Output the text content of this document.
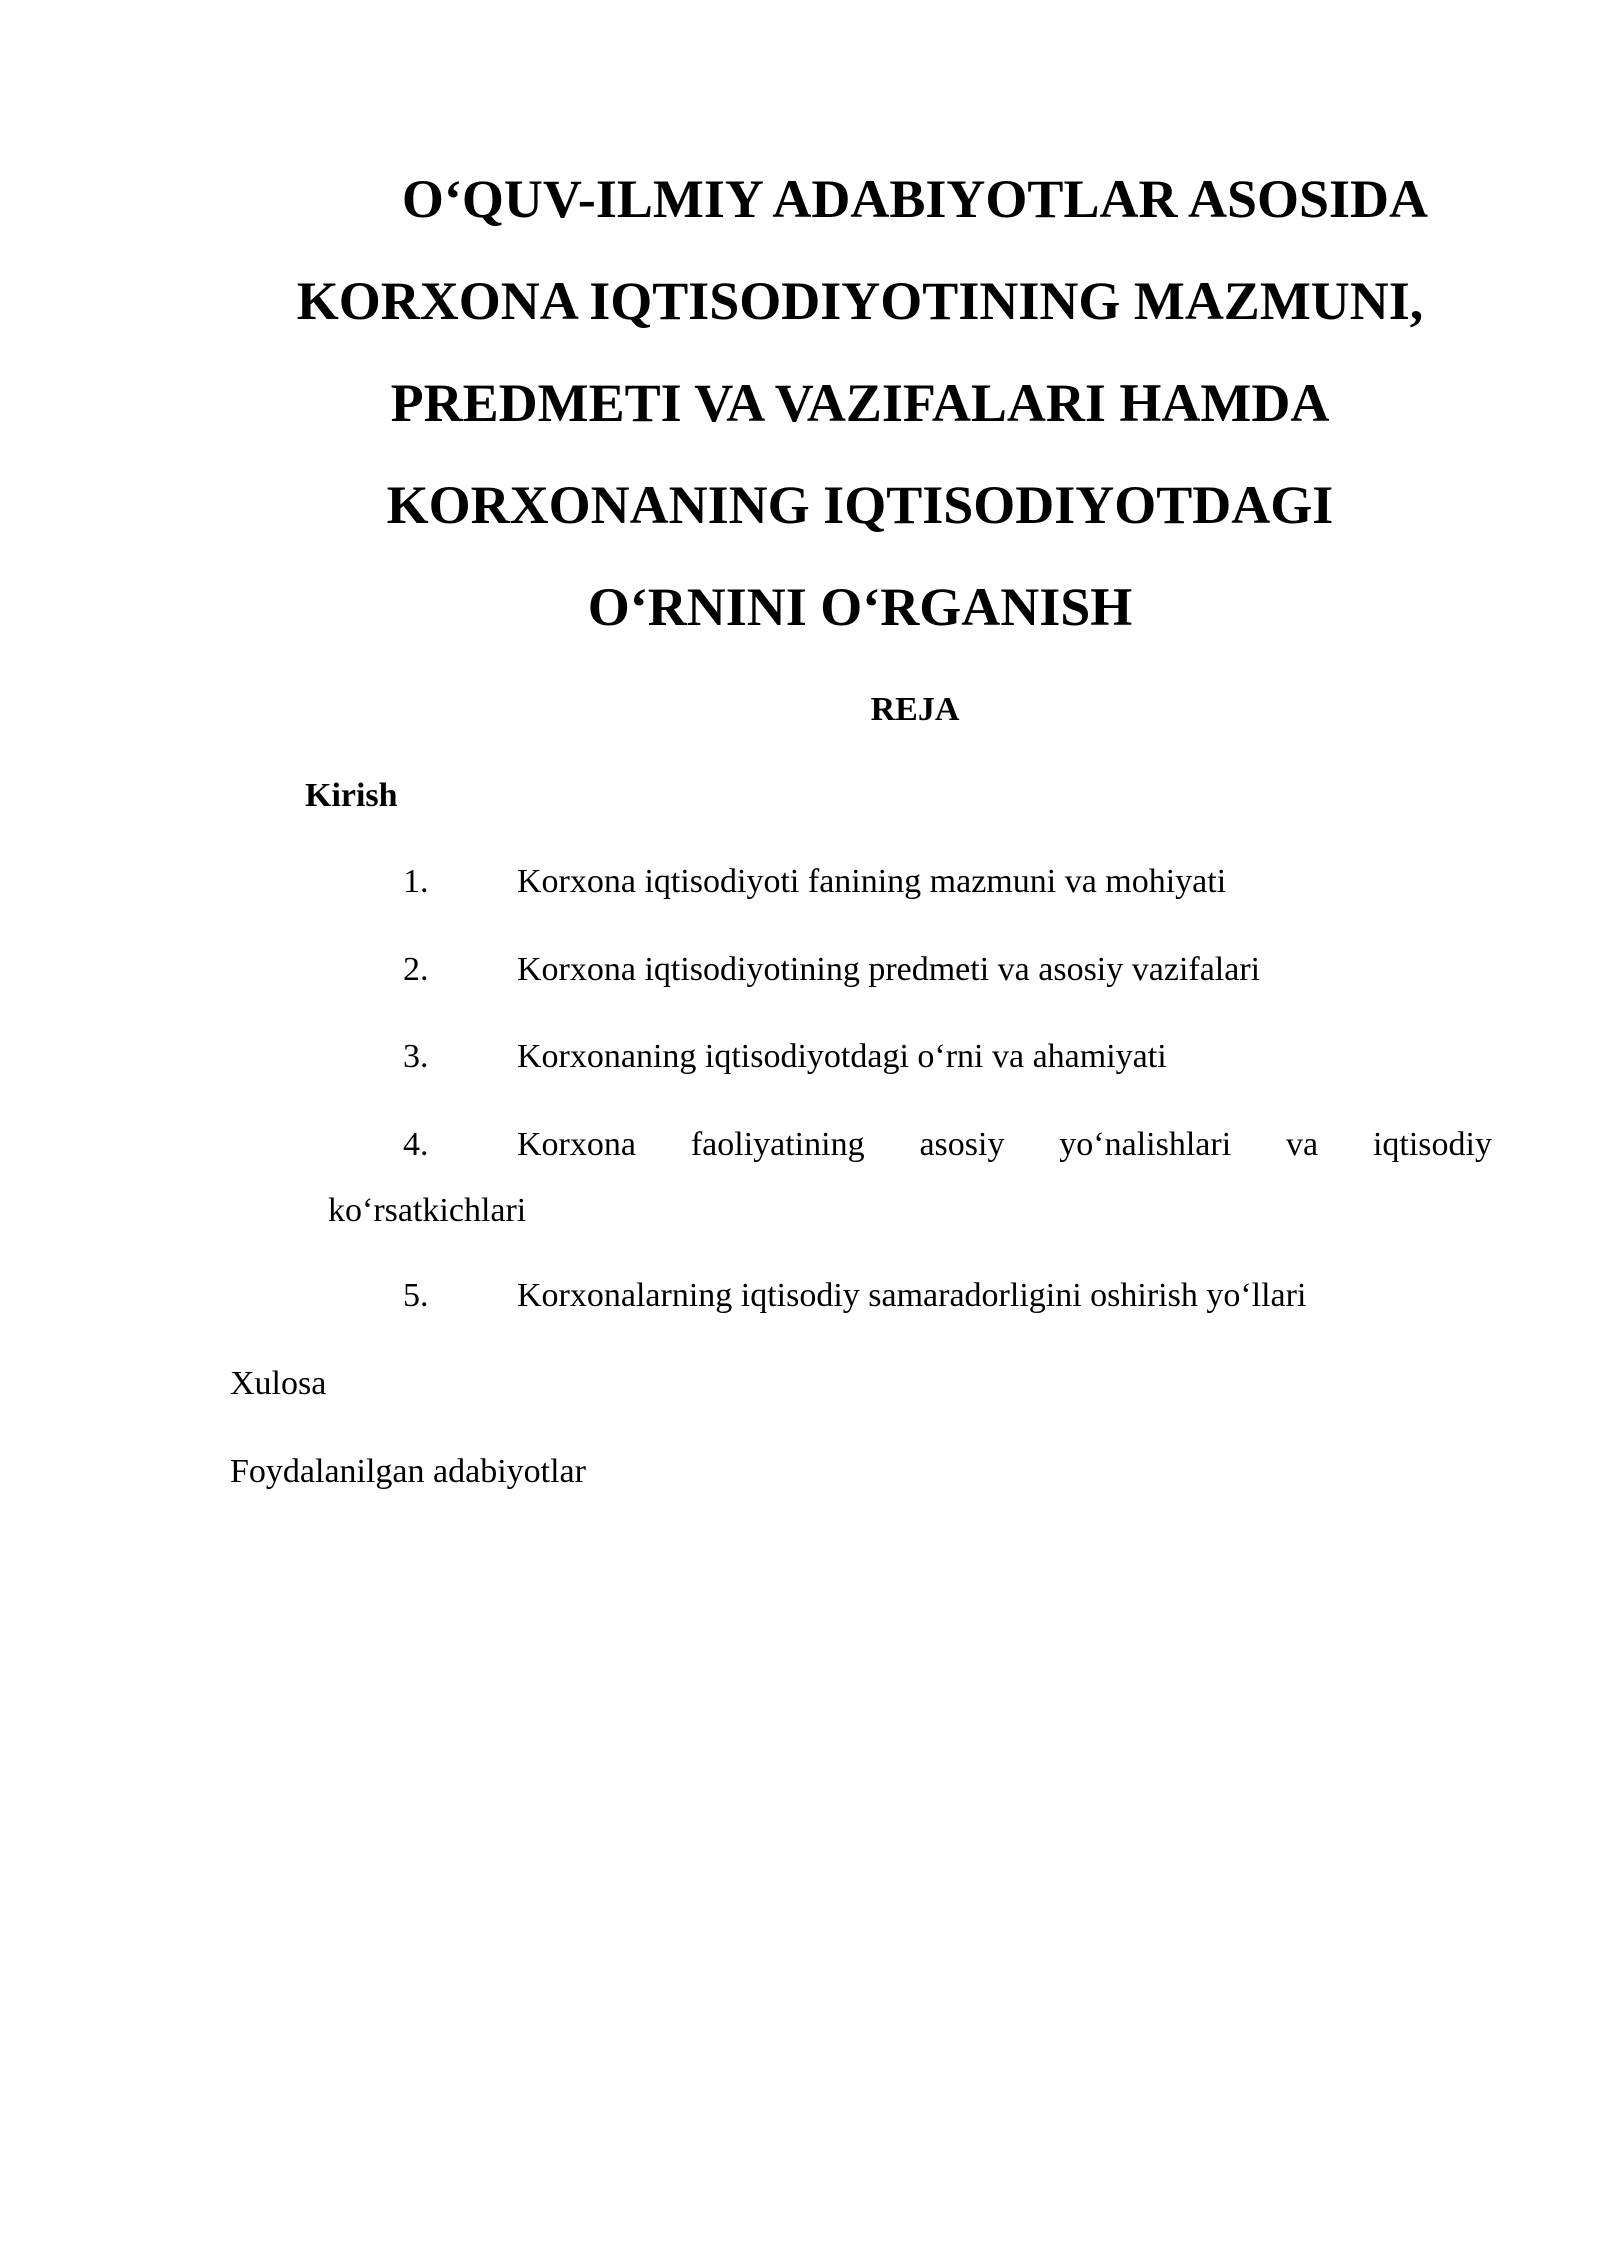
O‘QUV-ILMIY ADABIYOTLAR ASOSIDA
KORXONA IQTISODIYOTINING MAZMUNI,
PREDMETI VA VAZIFALARI HAMDA
KORXONANING IQTISODIYOTDAGI
O‘RNINI O‘RGANISH
REJA
Kirish
1.	Korxona iqtisodiyoti fanining mazmuni va mohiyati
2.	Korxona iqtisodiyotining predmeti va asosiy vazifalari
3.	Korxonaning iqtisodiyotdagi o‘rni va ahamiyati
4.	Korxona faoliyatining asosiy yo‘nalishlari va iqtisodiy
ko‘rsatkichlari
5.	Korxonalarning iqtisodiy samaradorligini oshirish yo‘llari
Xulosa
Foydalanilgan adabiyotlar
